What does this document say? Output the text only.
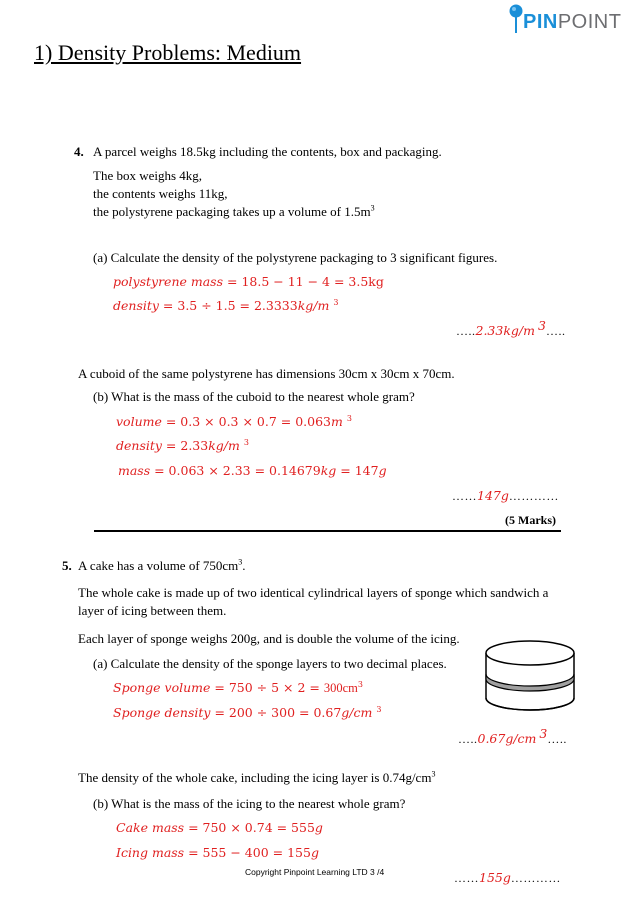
PINPOINT
1) Density Problems: Medium
4. A parcel weighs 18.5kg including the contents, box and packaging.
The box weighs 4kg,
the contents weighs 11kg,
the polystyrene packaging takes up a volume of $1.5m^3$
(a) Calculate the density of the polystyrene packaging to 3 significant figures.
polystyrene mass = 18.5 − 11 − 4 = 3.5kg
density = 3.5 ÷ 1.5 = 2.3333kg/m $^3$
…..2.33kg/m $^3$…..
A cuboid of the same polystyrene has dimensions 30cm x 30cm x 70cm.
(b) What is the mass of the cuboid to the nearest whole gram?
volume = 0.3 × 0.3 × 0.7 = 0.063m $^3$
density = 2.33kg/m $^3$
mass = 0.063 × 2.33 = 0.14679kg = 147g
……147g…………
(5 Marks)
5. A cake has a volume of $750cm^3$.
The whole cake is made up of two identical cylindrical layers of sponge which sandwich a
layer of icing between them.
Each layer of sponge weighs 200g, and is double the volume of the icing.
(a) Calculate the density of the sponge layers to two decimal places.
Sponge volume = $750 \div 5 \times 2 = 300cm^3$
Sponge density = 200 ÷ 300 = 0.67g/cm $^3$
…..0.67g/cm $^3$…..
The density of the whole cake, including the icing layer is $0.74g/cm^3$
(b) What is the mass of the icing to the nearest whole gram?
Cake mass = 750 × 0.74 = 555g
Icing mass = 555 − 400 = 155g
……155g…………
Copyright Pinpoint Learning LTD 3 /4
